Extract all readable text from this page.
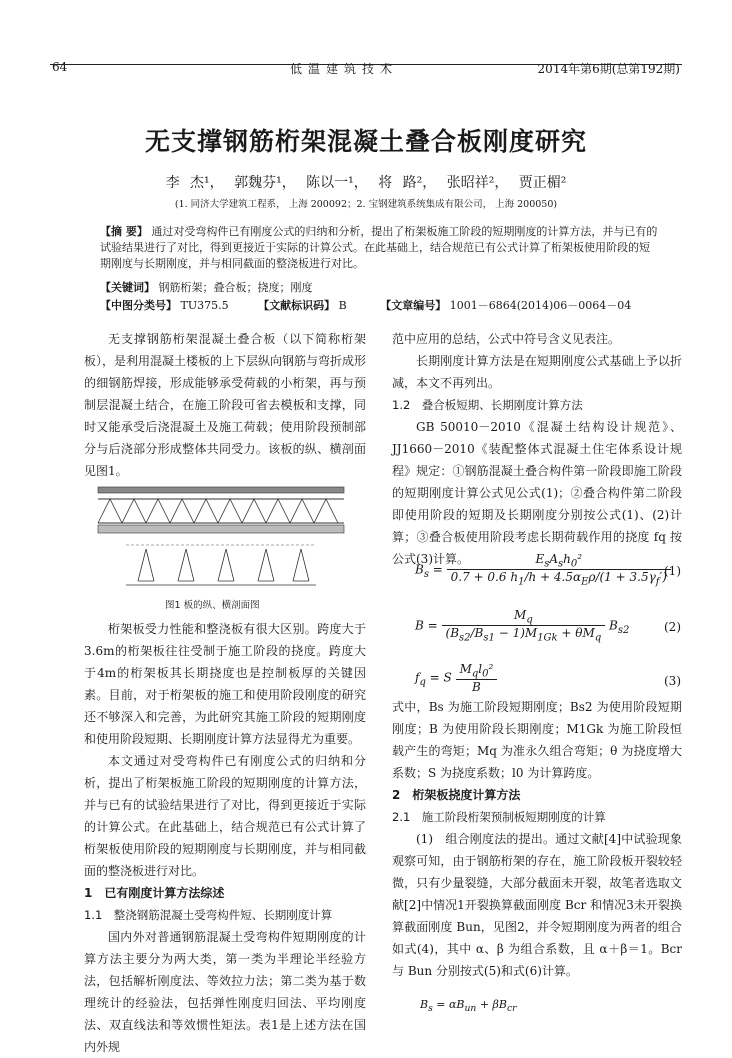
64	低温建筑技术	2014年第6期(总第192期)
无支撑钢筋桁架混凝土叠合板刚度研究
李 杰¹， 郭魏芬¹， 陈以一¹， 将 路²， 张昭祥²， 贾正楣²
(1. 同济大学建筑工程系， 上海 200092；2. 宝钢建筑系统集成有限公司， 上海 200050)
【摘 要】 通过对受弯构件已有刚度公式的归纳和分析，提出了桁架板施工阶段的短期刚度的计算方法，并与已有的试验结果进行了对比，得到更接近于实际的计算公式。在此基础上，结合规范已有公式计算了桁架板使用阶段的短期刚度与长期刚度，并与相同截面的整浇板进行对比。
【关键词】 钢筋桁架；叠合板；挠度；刚度
【中图分类号】 TU375.5	【文献标识码】 B	【文章编号】 1001－6864(2014)06－0064－04

无支撑钢筋桁架混凝土叠合板（以下简称桁架板），是利用混凝土楼板的上下层纵向钢筋与弯折成形的细钢筋焊接，形成能够承受荷载的小桁架，再与预制层混凝土结合，在施工阶段可省去模板和支撑，同时又能承受后浇混凝土及施工荷载；使用阶段预制部分与后浇部分形成整体共同受力。该板的纵、横剖面见图1。

图1 板的纵、横剖面图

桁架板受力性能和整浇板有很大区别。跨度大于3.6m的桁架板往往受制于施工阶段的挠度。跨度大于4m的桁架板其长期挠度也是控制板厚的关键因素。目前，对于桁架板的施工和使用阶段刚度的研究还不够深入和完善，为此研究其施工阶段的短期刚度和使用阶段短期、长期刚度计算方法显得尤为重要。

本文通过对受弯构件已有刚度公式的归纳和分析，提出了桁架板施工阶段的短期刚度的计算方法，并与已有的试验结果进行了对比，得到更接近于实际的计算公式。在此基础上，结合规范已有公式计算了桁架板使用阶段的短期刚度与长期刚度，并与相同截面的整浇板进行对比。

1　已有刚度计算方法综述

1.1　整浇钢筋混凝土受弯构件短、长期刚度计算

国内外对普通钢筋混凝土受弯构件短期刚度的计算方法主要分为两大类，第一类为半理论半经验方法，包括解析刚度法、等效拉力法；第二类为基于数理统计的经验法，包括弹性刚度归回法、平均刚度法、双直线法和等效惯性矩法。表1是上述方法在国内外规

范中应用的总结，公式中符号含义见表注。

长期刚度计算方法是在短期刚度公式基础上予以折减，本文不再列出。

1.2　叠合板短期、长期刚度计算方法

GB 50010－2010《混凝土结构设计规范》、JJ1660－2010《装配整体式混凝土住宅体系设计规程》规定：①钢筋混凝土叠合构件第一阶段即施工阶段的短期刚度计算公式见公式(1)；②叠合构件第二阶段即使用阶段的短期及长期刚度分别按公式(1)、(2)计算；③叠合板使用阶段考虑长期荷载作用的挠度 fq 按公式(3)计算。

$B_s = \frac{E_sA_sh_0^2}{0.7 + 0.6 h_1/h + 4.5\alpha_E\rho/(1 + 3.5\gamma_f')}$
(1)
$B = \frac{M_q}{(B_{s2}/B_{s1} - 1)M_{1Gk} + \theta M_q} B_{s2}$	(2)
$f_q = S \frac{M_ql_0^2}{B}$	(3)

式中，Bs 为施工阶段短期刚度；Bs2 为使用阶段短期刚度；B 为使用阶段长期刚度；M1Gk 为施工阶段恒载产生的弯矩；Mq 为准永久组合弯矩；θ 为挠度增大系数；S 为挠度系数；l0 为计算跨度。

2　桁架板挠度计算方法

2.1　施工阶段桁架预制板短期刚度的计算

(1)　组合刚度法的提出。通过文献[4]中试验现象观察可知，由于钢筋桁架的存在，施工阶段板开裂较轻微，只有少量裂缝，大部分截面未开裂，故笔者选取文献[2]中情况1开裂换算截面刚度 Bcr 和情况3未开裂换算截面刚度 Bun，见图2，并令短期刚度为两者的组合如式(4)，其中 α、β 为组合系数，且 α＋β＝1。Bcr 与 Bun 分别按式(5)和式(6)计算。

$B_s = \alpha B_{un} + \beta B_{cr}$
